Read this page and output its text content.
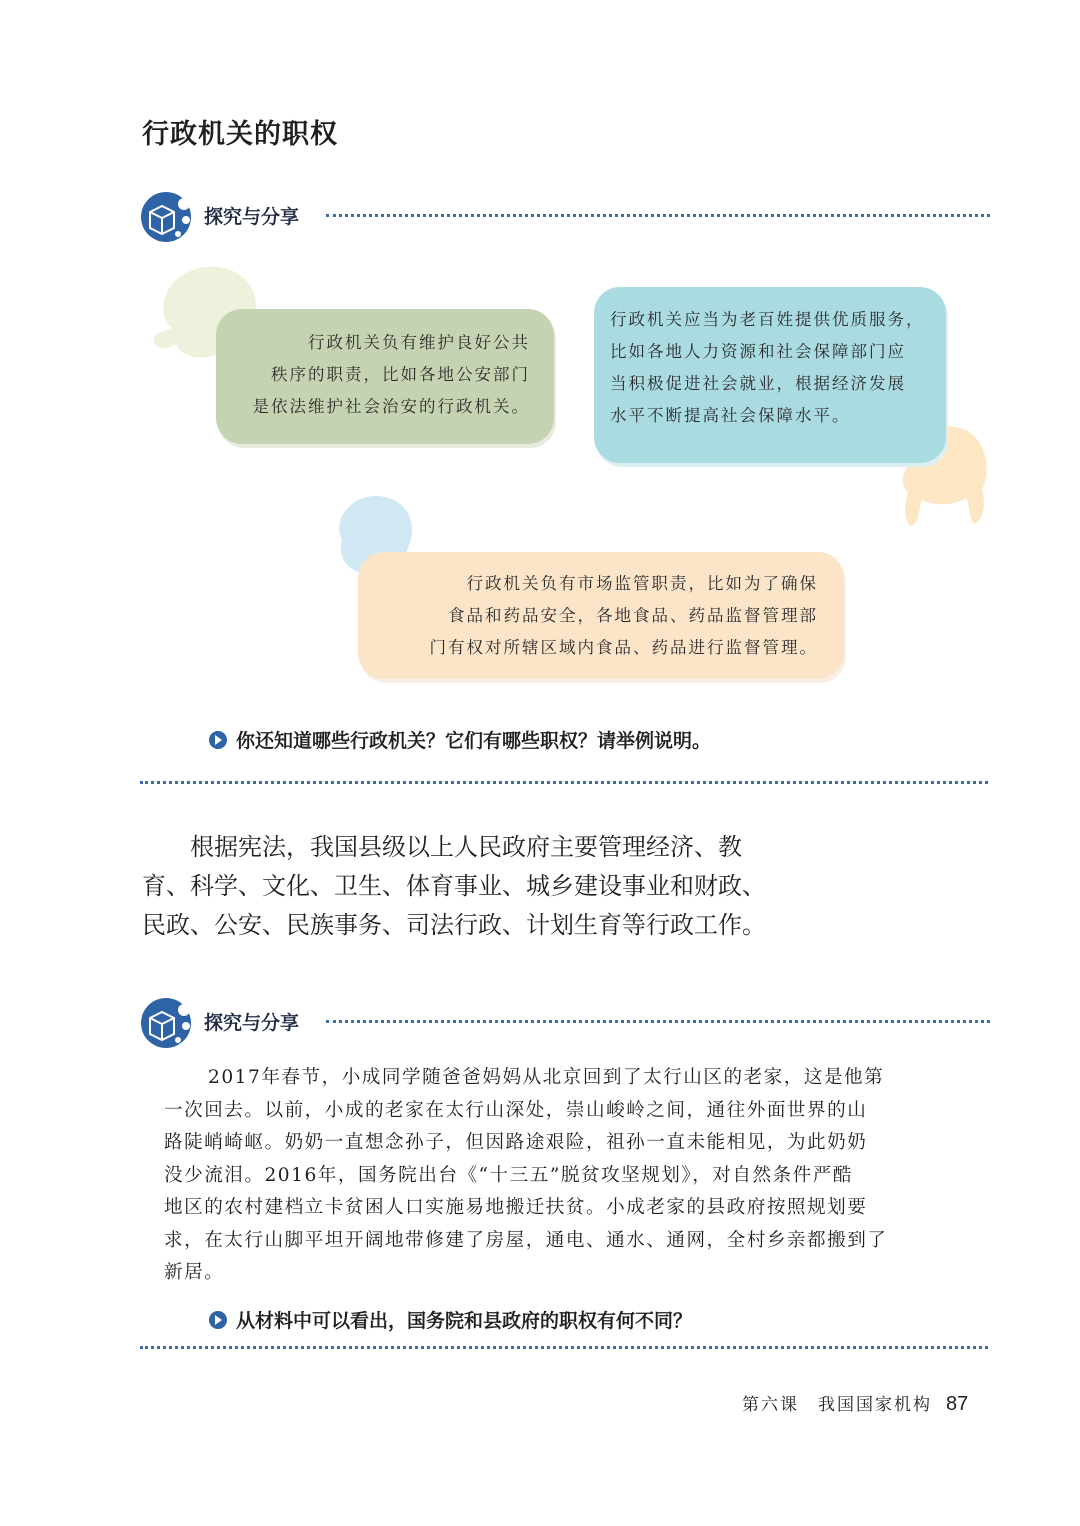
行政机关的职权
探究与分享
行政机关负有维护良好公共
秩序的职责，比如各地公安部门
是依法维护社会治安的行政机关。
行政机关应当为老百姓提供优质服务，
比如各地人力资源和社会保障部门应
当积极促进社会就业，根据经济发展
水平不断提高社会保障水平。
行政机关负有市场监管职责，比如为了确保
食品和药品安全，各地食品、药品监督管理部
门有权对所辖区域内食品、药品进行监督管理。
你还知道哪些行政机关？它们有哪些职权？请举例说明。
根据宪法，我国县级以上人民政府主要管理经济、教
育、科学、文化、卫生、体育事业、城乡建设事业和财政、
民政、公安、民族事务、司法行政、计划生育等行政工作。
探究与分享
2017年春节，小成同学随爸爸妈妈从北京回到了太行山区的老家，这是他第
一次回去。以前，小成的老家在太行山深处，崇山峻岭之间，通往外面世界的山
路陡峭崎岖。奶奶一直想念孙子，但因路途艰险，祖孙一直未能相见，为此奶奶
没少流泪。2016年，国务院出台《“十三五”脱贫攻坚规划》，对自然条件严酷
地区的农村建档立卡贫困人口实施易地搬迁扶贫。小成老家的县政府按照规划要
求，在太行山脚平坦开阔地带修建了房屋，通电、通水、通网，全村乡亲都搬到了
新居。
从材料中可以看出，国务院和县政府的职权有何不同？
第六课　我国国家机构 87
